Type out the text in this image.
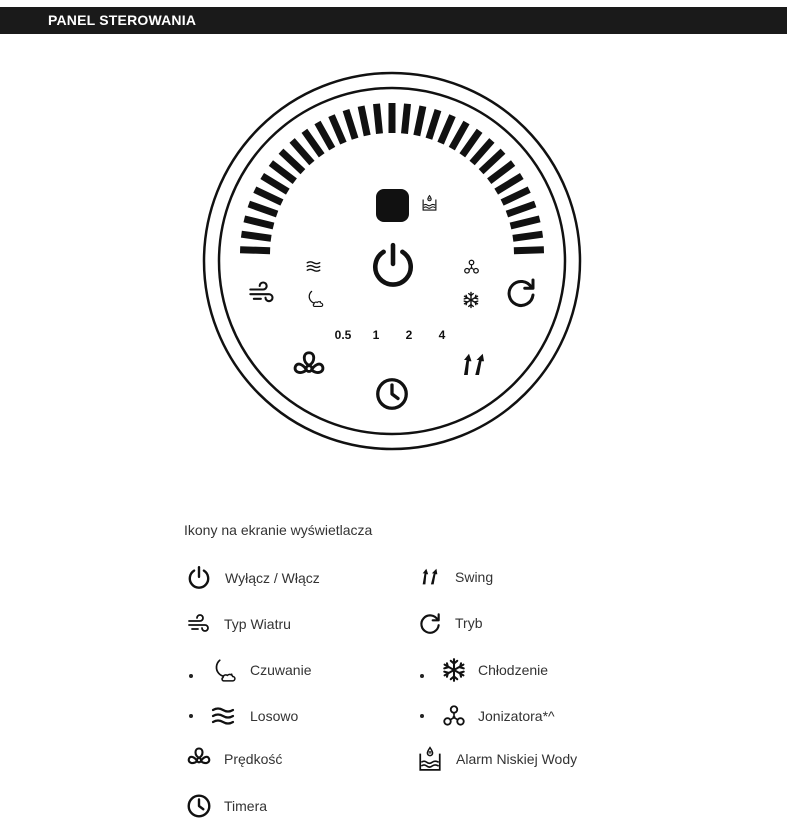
PANEL STEROWANIA
0.5 1 2 4
Ikony na ekranie wyświetlacza
Wyłącz / Włącz
Typ Wiatru
Czuwanie
Losowo
Prędkość
Timera
Swing
Tryb
Chłodzenie
Jonizatora*^
Alarm Niskiej Wody
